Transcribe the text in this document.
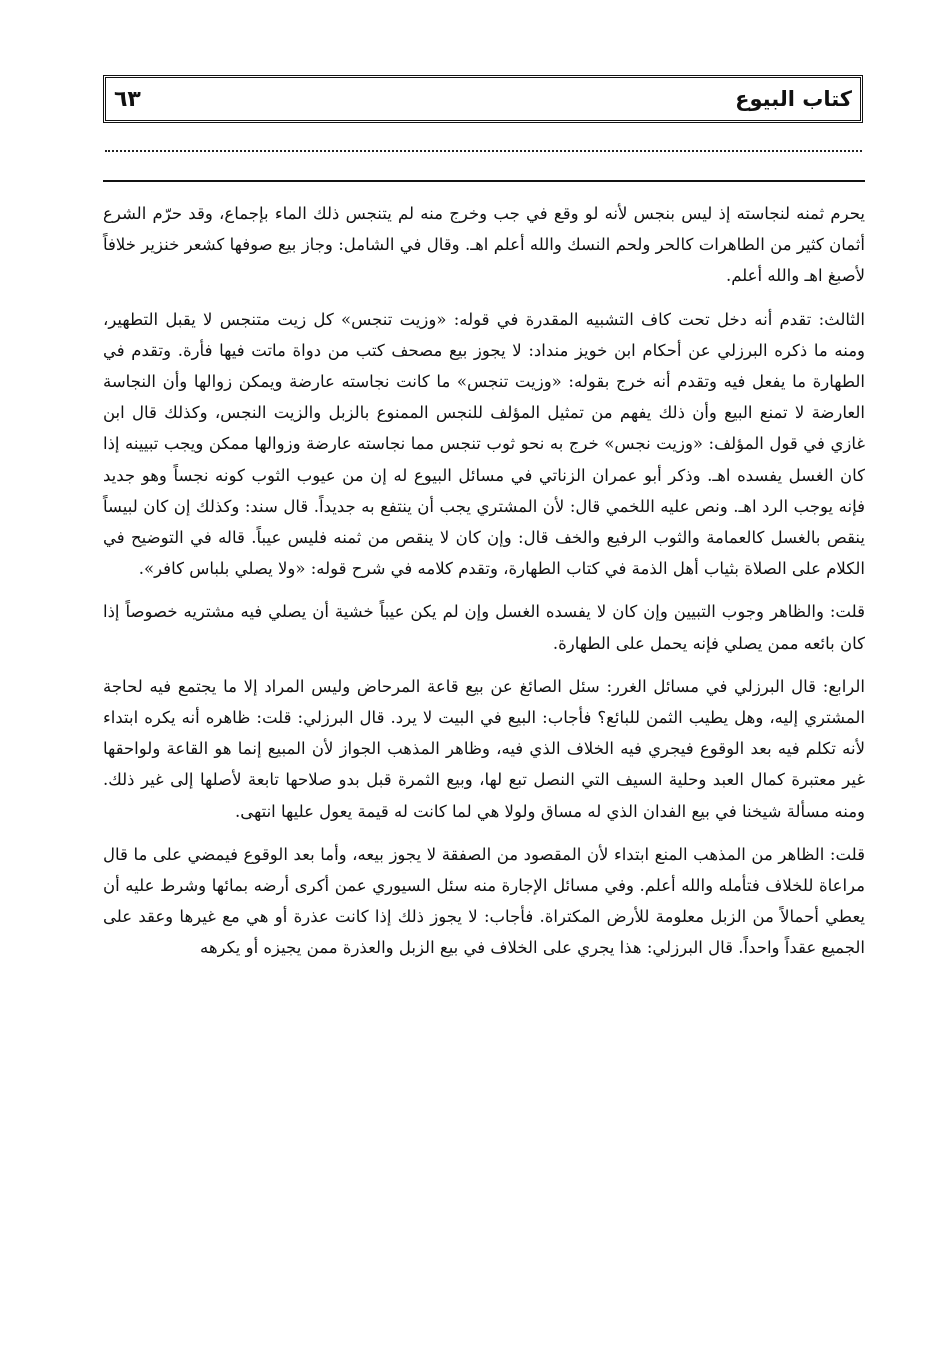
كتاب البيوع
٦٣

يحرم ثمنه لنجاسته إذ ليس بنجس لأنه لو وقع في جب وخرج منه لم يتنجس ذلك الماء بإجماع، وقد حرّم الشرع أثمان كثير من الطاهرات كالحر ولحم النسك والله أعلم اهـ. وقال في الشامل: وجاز بيع صوفها كشعر خنزير خلافاً لأصبغ اهـ والله أعلم.

الثالث: تقدم أنه دخل تحت كاف التشبيه المقدرة في قوله: «وزيت تنجس» كل زيت متنجس لا يقبل التطهير، ومنه ما ذكره البرزلي عن أحكام ابن خويز منداد: لا يجوز بيع مصحف كتب من دواة ماتت فيها فأرة. وتقدم في الطهارة ما يفعل فيه وتقدم أنه خرج بقوله: «وزيت تنجس» ما كانت نجاسته عارضة ويمكن زوالها وأن النجاسة العارضة لا تمنع البيع وأن ذلك يفهم من تمثيل المؤلف للنجس الممنوع بالزبل والزيت النجس، وكذلك قال ابن غازي في قول المؤلف: «وزيت نجس» خرج به نحو ثوب تنجس مما نجاسته عارضة وزوالها ممكن ويجب تبيينه إذا كان الغسل يفسده اهـ. وذكر أبو عمران الزناتي في مسائل البيوع له إن من عيوب الثوب كونه نجساً وهو جديد فإنه يوجب الرد اهـ. ونص عليه اللخمي قال: لأن المشتري يجب أن ينتفع به جديداً. قال سند: وكذلك إن كان لبيساً ينقص بالغسل كالعمامة والثوب الرفيع والخف قال: وإن كان لا ينقص من ثمنه فليس عيباً. قاله في التوضيح في الكلام على الصلاة بثياب أهل الذمة في كتاب الطهارة، وتقدم كلامه في شرح قوله: «ولا يصلي بلباس كافر».

قلت: والظاهر وجوب التبيين وإن كان لا يفسده الغسل وإن لم يكن عيباً خشية أن يصلي فيه مشتريه خصوصاً إذا كان بائعه ممن يصلي فإنه يحمل على الطهارة.

الرابع: قال البرزلي في مسائل الغرر: سئل الصائغ عن بيع قاعة المرحاض وليس المراد إلا ما يجتمع فيه لحاجة المشتري إليه، وهل يطيب الثمن للبائع؟ فأجاب: البيع في البيت لا يرد. قال البرزلي: قلت: ظاهره أنه يكره ابتداء لأنه تكلم فيه بعد الوقوع فيجري فيه الخلاف الذي فيه، وظاهر المذهب الجواز لأن المبيع إنما هو القاعة ولواحقها غير معتبرة كمال العبد وحلية السيف التي النصل تبع لها، وبيع الثمرة قبل بدو صلاحها تابعة لأصلها إلى غير ذلك. ومنه مسألة شيخنا في بيع الفدان الذي له مساق ولولا هي لما كانت له قيمة يعول عليها انتهى.

قلت: الظاهر من المذهب المنع ابتداء لأن المقصود من الصفقة لا يجوز بيعه، وأما بعد الوقوع فيمضي على ما قال مراعاة للخلاف فتأمله والله أعلم. وفي مسائل الإجارة منه سئل السيوري عمن أكرى أرضه بمائها وشرط عليه أن يعطي أحمالاً من الزبل معلومة للأرض المكتراة. فأجاب: لا يجوز ذلك إذا كانت عذرة أو هي مع غيرها وعقد على الجميع عقداً واحداً. قال البرزلي: هذا يجري على الخلاف في بيع الزبل والعذرة ممن يجيزه أو يكرهه
